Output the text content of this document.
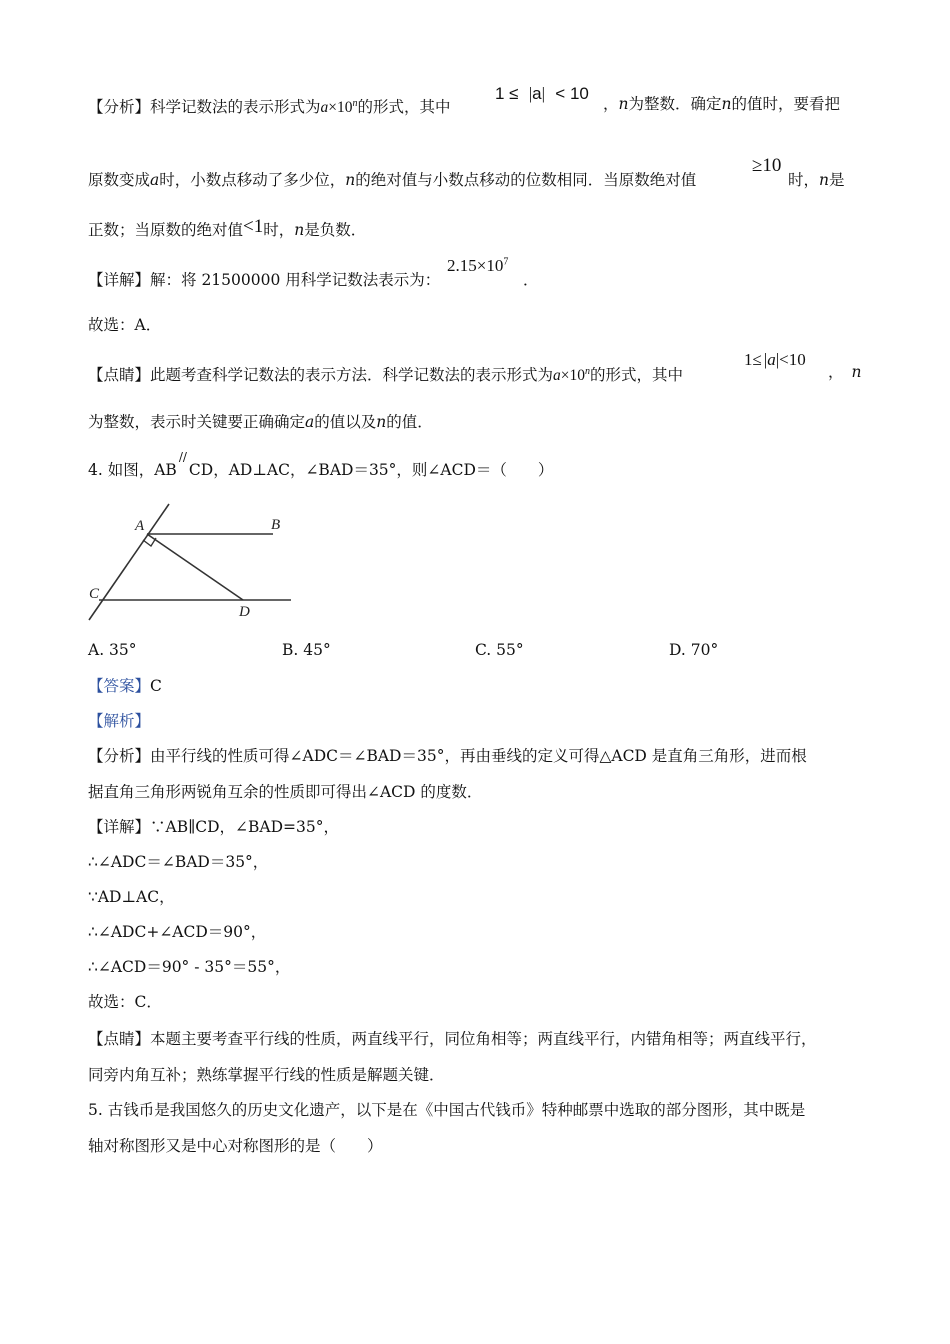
【分析】科学记数法的表示形式为$a\times 10^n$的形式，其中
1 ≤ |a| < 10
，n为整数．确定n的值时，要看把
原数变成a时，小数点移动了多少位，n的绝对值与小数点移动的位数相同．当原数绝对值
≥10
时，n是
正数；当原数的绝对值<1时，n是负数．
【详解】解：将 21500000 用科学记数法表示为：
$2.15\times 10^7$
．
故选：A．
【点睛】此题考查科学记数法的表示方法．科学记数法的表示形式为$a\times 10^n$的形式，其中
1≤ |a|<10
， n
为整数，表示时关键要正确确定a的值以及n的值．
4. 如图，AB//CD，AD⊥AC，∠BAD＝35°，则∠ACD＝（　　）
A	B
C
D
A. 35°	B. 45°	C. 55°	D. 70°
【答案】C
【解析】
【分析】由平行线的性质可得∠ADC＝∠BAD＝35°，再由垂线的定义可得△ACD 是直角三角形，进而根
据直角三角形两锐角互余的性质即可得出∠ACD 的度数．
【详解】∵AB∥CD，∠BAD=35°，
∴∠ADC＝∠BAD＝35°，
∵AD⊥AC，
∴∠ADC+∠ACD＝90°，
∴∠ACD＝90° - 35°＝55°，
故选：C．
【点睛】本题主要考查平行线的性质，两直线平行，同位角相等；两直线平行，内错角相等；两直线平行，
同旁内角互补；熟练掌握平行线的性质是解题关键．
5. 古钱币是我国悠久的历史文化遗产，以下是在《中国古代钱币》特种邮票中选取的部分图形，其中既是
轴对称图形又是中心对称图形的是（　　）
